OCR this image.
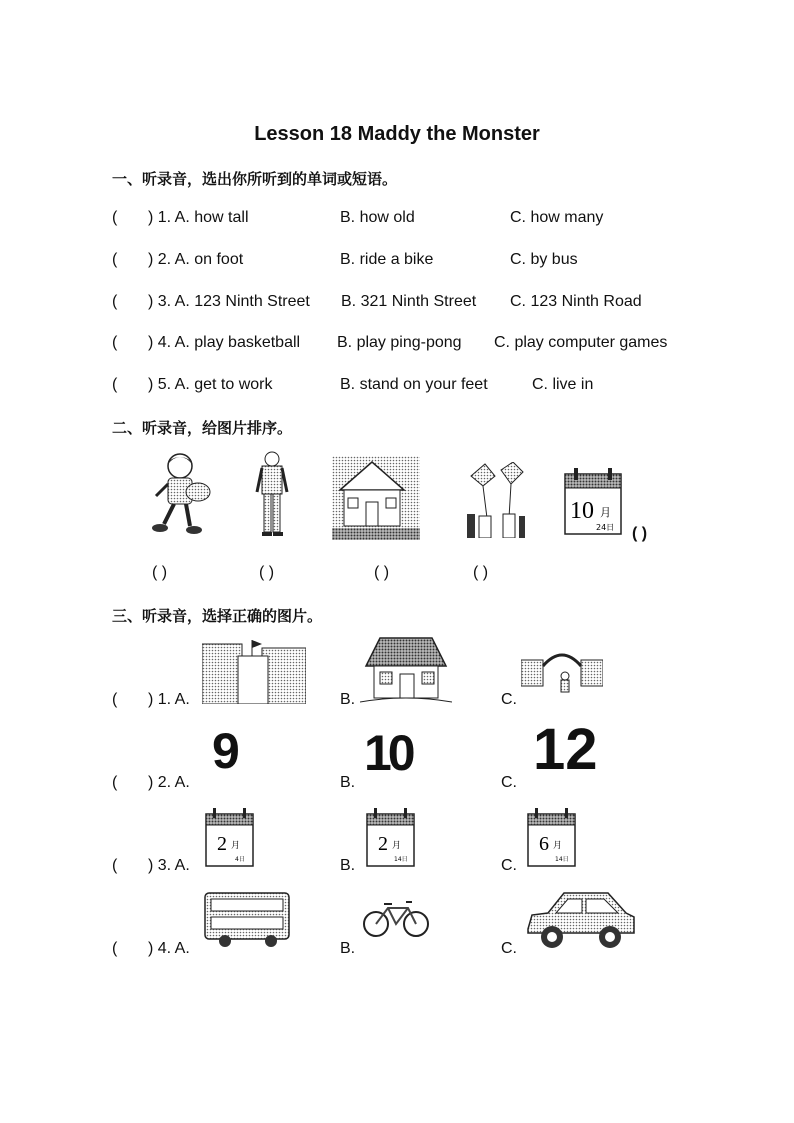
Lesson 18 Maddy the Monster
一、听录音，选出你所听到的单词或短语。
( ) 1. A. how tall	B. how old	C. how many
( ) 2. A. on foot	B. ride a bike	C. by bus
( ) 3. A. 123 Ninth Street B. 321 Ninth Street C. 123 Ninth Road
( ) 4. A. play basketball B. play ping-pong C. play computer games
( ) 5. A. get to work	B. stand on your feet	C. live in
二、听录音，给图片排序。
10 月
24日 ( )
( )	( )	( )	( )
三、听录音，选择正确的图片。
( ) 1. A.	B.	C.
( ) 2. A.
9
B.
10
C.
12
( ) 3. A.
2 月
4日	B.
2 月
14日	C.
6 月
14日
( ) 4. A.	B.	C.
